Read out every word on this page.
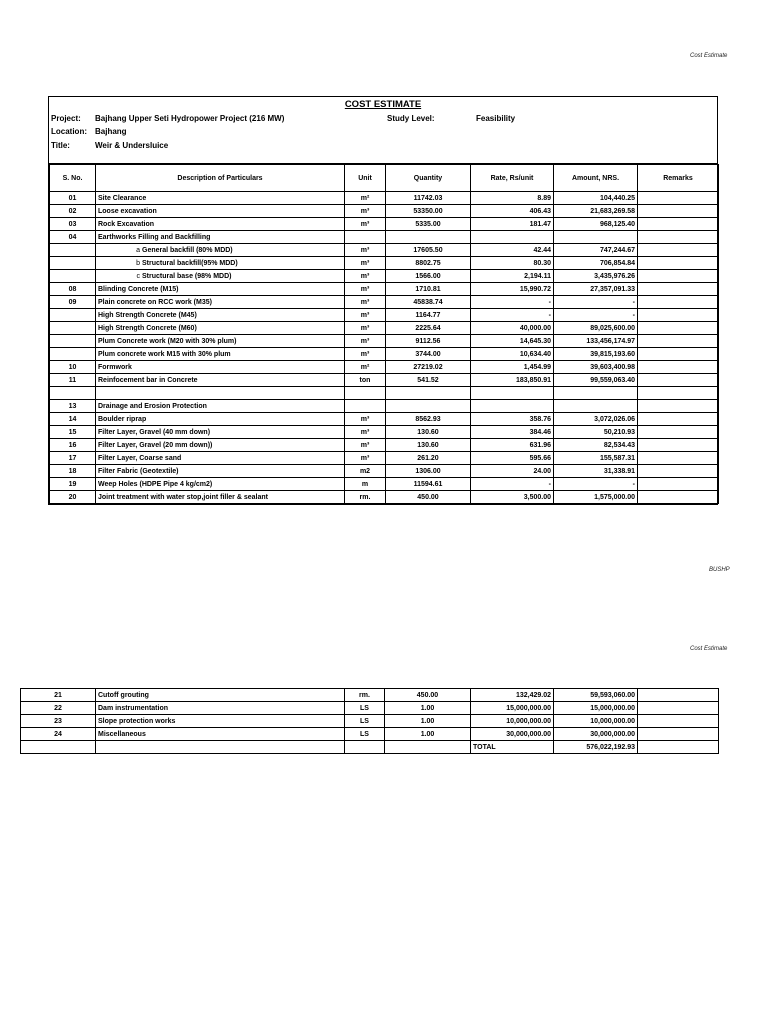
Cost Estimate
COST ESTIMATE
Project: Bajhang Upper Seti Hydropower Project (216 MW)
Location: Bajhang
Title:	Weir & Undersluice
Study Level:	Feasibility
S. No.	Description of Particulars	Unit	Quantity	Rate, Rs/unit	Amount, NRS.	Remarks
01	Site Clearance	m²	11742.03	8.89	104,440.25	
02	Loose excavation	m³	53350.00	406.43	21,683,269.58	
03	Rock Excavation	m³	5335.00	181.47	968,125.40	
04	Earthworks Filling and Backfilling					

	a General backfill (80% MDD)	m³	17605.50	42.44	747,244.67	

	b Structural backfill(95% MDD)	m³	8802.75	80.30	706,854.84	

	c Structural base (98% MDD)	m³	1566.00	2,194.11	3,435,976.26	
08	Blinding Concrete (M15)	m³	1710.81	15,990.72	27,357,091.33	
09	Plain concrete on RCC work (M35)	m³	45838.74	-	-	
	High Strength Concrete (M45)	m³	1164.77	-	-	
	High Strength Concrete (M60)	m³	2225.64	40,000.00	89,025,600.00	
	Plum Concrete work (M20 with 30% plum)	m³	9112.56	14,645.30	133,456,174.97	
	Plum concrete work M15 with 30% plum	m³	3744.00	10,634.40	39,815,193.60	
10	Formwork	m²	27219.02	1,454.99	39,603,400.98	
11	Reinfocement bar in Concrete	ton	541.52	183,850.91	99,559,063.40	

13	Drainage and Erosion Protection					
14	Boulder riprap	m³	8562.93	358.76	3,072,026.06	
15	Filter Layer, Gravel (40 mm down)	m³	130.60	384.46	50,210.93	
16	Filter Layer, Gravel (20 mm down))	m³	130.60	631.96	82,534.43	
17	Filter Layer, Coarse sand	m³	261.20	595.66	155,587.31	
18	Filter Fabric (Geotextile)	m2	1306.00	24.00	31,338.91	
19	Weep Holes (HDPE Pipe 4 kg/cm2)	m	11594.61	-	-	
20	Joint treatment with water stop,joint filler & sealant	rm.	450.00	3,500.00	1,575,000.00	
BUSHP
Cost Estimate
21	Cutoff grouting	rm.	450.00	132,429.02	59,593,060.00	
22	Dam instrumentation	LS	1.00	15,000,000.00	15,000,000.00	
23	Slope protection works	LS	1.00	10,000,000.00	10,000,000.00	
24	Miscellaneous	LS	1.00	30,000,000.00	30,000,000.00	
				TOTAL	576,022,192.93	
